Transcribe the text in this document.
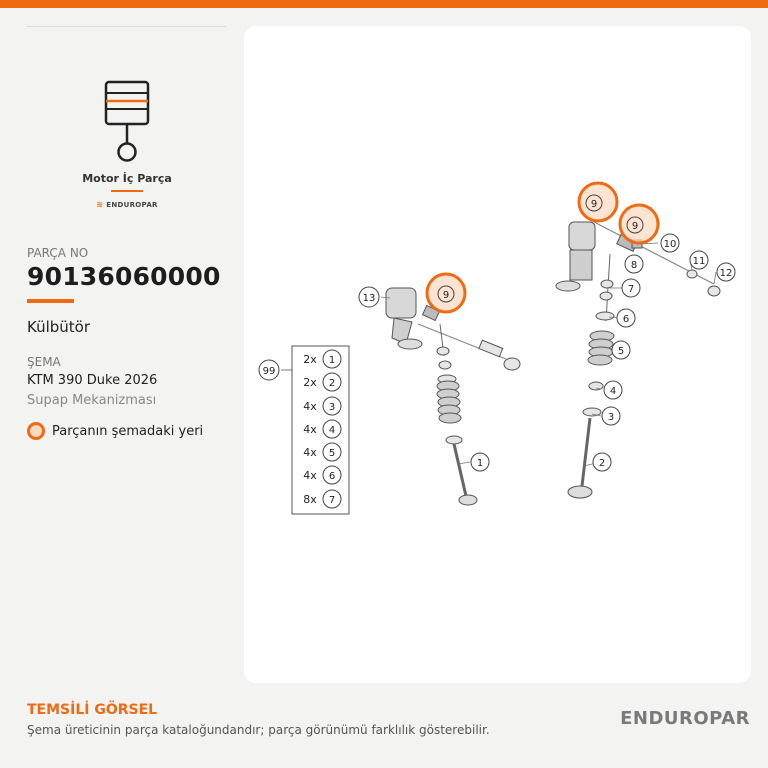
Motor İç Parça
≋ ENDUROPAR
PARÇA NO
90136060000
Külbütör
ŞEMA
KTM 390 Duke 2026
Supap Mekanizması
Parçanın şemadaki yeri
99
2x 1
2x 2
4x 3
4x 4
4x 5
4x 6
8x 7
1	2
3
4
5
6
7
8
10
11
12
13	9
9
9
TEMSİLİ GÖRSEL
Şema üreticinin parça kataloğundandır; parça görünümü farklılık gösterebilir.
ENDUROPAR
